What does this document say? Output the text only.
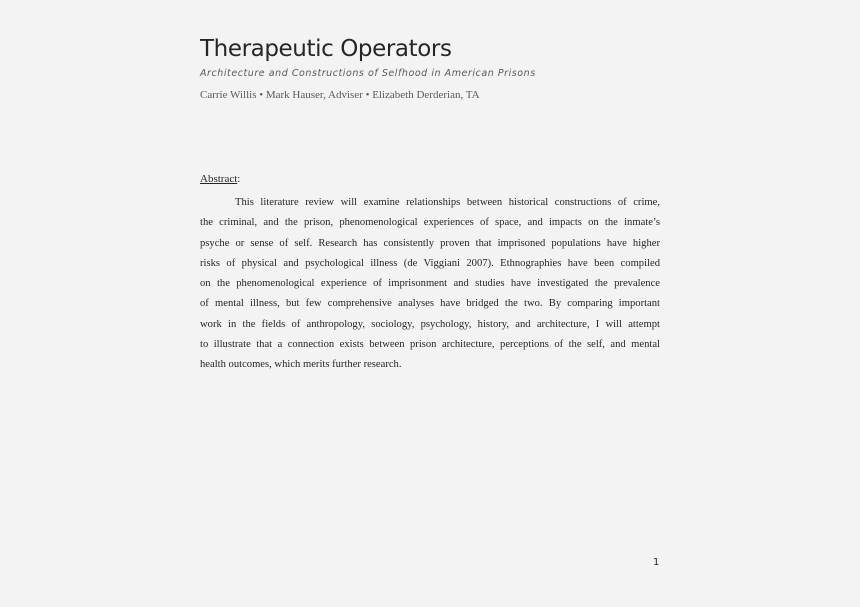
Therapeutic Operators
Architecture and Constructions of Selfhood in American Prisons
Carrie Willis • Mark Hauser, Adviser • Elizabeth Derderian, TA
Abstract:
This literature review will examine relationships between historical constructions of crime,
the criminal, and the prison, phenomenological experiences of space, and impacts on the inmate’s
psyche or sense of self. Research has consistently proven that imprisoned populations have higher
risks of physical and psychological illness (de Viggiani 2007). Ethnographies have been compiled
on the phenomenological experience of imprisonment and studies have investigated the prevalence
of mental illness, but few comprehensive analyses have bridged the two. By comparing important
work in the fields of anthropology, sociology, psychology, history, and architecture, I will attempt
to illustrate that a connection exists between prison architecture, perceptions of the self, and mental
health outcomes, which merits further research.
1
